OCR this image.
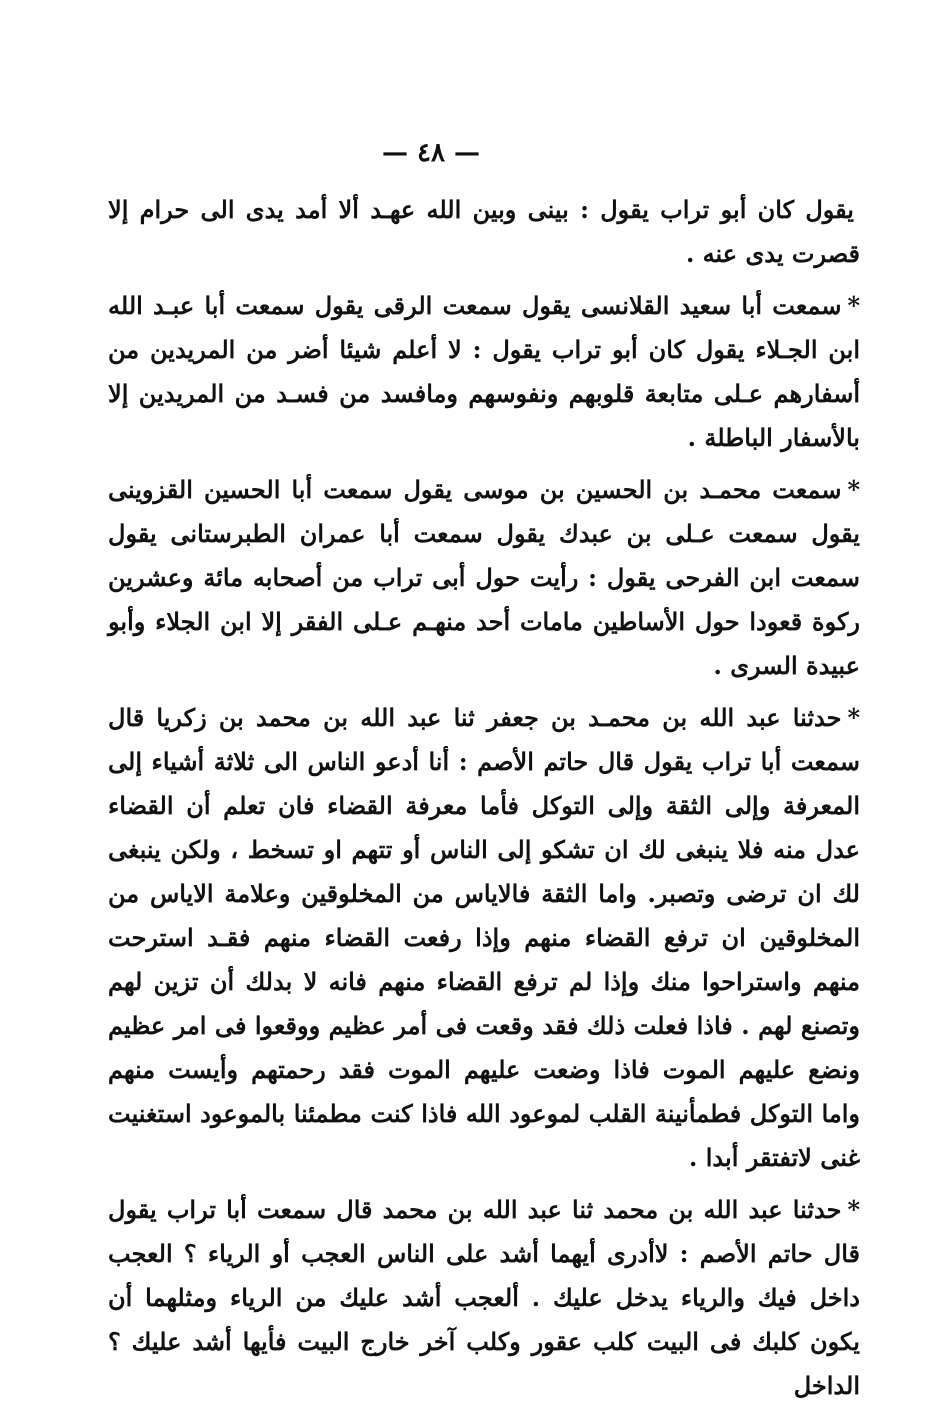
— ٤٨ —

يقول كان أبو تراب يقول : بينى وبين الله عهـد ألا أمد يدى الى حرام إلا قصرت يدى عنه .

*سمعت أبا سعيد القلانسى يقول سمعت الرقى يقول سمعت أبا عبـد الله ابن الجـلاء يقول كان أبو تراب يقول : لا أعلم شيئا أضر من المريدين من أسفارهم عـلى متابعة قلوبهم ونفوسهم ومافسد من فسـد من المريدين إلا بالأسفار الباطلة .

*سمعت محمـد بن الحسين بن موسى يقول سمعت أبا الحسين القزوينى يقول سمعت عـلى بن عبدك يقول سمعت أبا عمران الطبرستانى يقول سمعت ابن الفرحى يقول : رأيت حول أبى تراب من أصحابه مائة وعشرين ركوة قعودا حول الأساطين مامات أحد منهـم عـلى الفقر إلا ابن الجلاء وأبو عبيدة السرى .

*حدثنا عبد الله بن محمـد بن جعفر ثنا عبد الله بن محمد بن زكريا قال سمعت أبا تراب يقول قال حاتم الأصم : أنا أدعو الناس الى ثلاثة أشياء إلى المعرفة وإلى الثقة وإلى التوكل فأما معرفة القضاء فان تعلم أن القضاء عدل منه فلا ينبغى لك ان تشكو إلى الناس أو تتهم او تسخط ، ولكن ينبغى لك ان ترضى وتصبر. واما الثقة فالاياس من المخلوقين وعلامة الاياس من المخلوقين ان ترفع القضاء منهم وإذا رفعت القضاء منهم فقـد استرحت منهم واستراحوا منك وإذا لم ترفع القضاء منهم فانه لا بدلك أن تزين لهم وتصنع لهم . فاذا فعلت ذلك فقد وقعت فى أمر عظيم ووقعوا فى امر عظيم ونضع عليهم الموت فاذا وضعت عليهم الموت فقد رحمتهم وأيست منهم واما التوكل فطمأنينة القلب لموعود الله فاذا كنت مطمئنا بالموعود استغنيت غنى لاتفتقر أبدا .

*حدثنا عبد الله بن محمد ثنا عبد الله بن محمد قال سمعت أبا تراب يقول قال حاتم الأصم : لاأدرى أيهما أشد على الناس العجب أو الرياء ؟ العجب داخل فيك والرياء يدخل عليك . ألعجب أشد عليك من الرياء ومثلهما أن يكون كلبك فى البيت كلب عقور وكلب آخر خارج البيت فأيها أشد عليك ؟ الداخل
